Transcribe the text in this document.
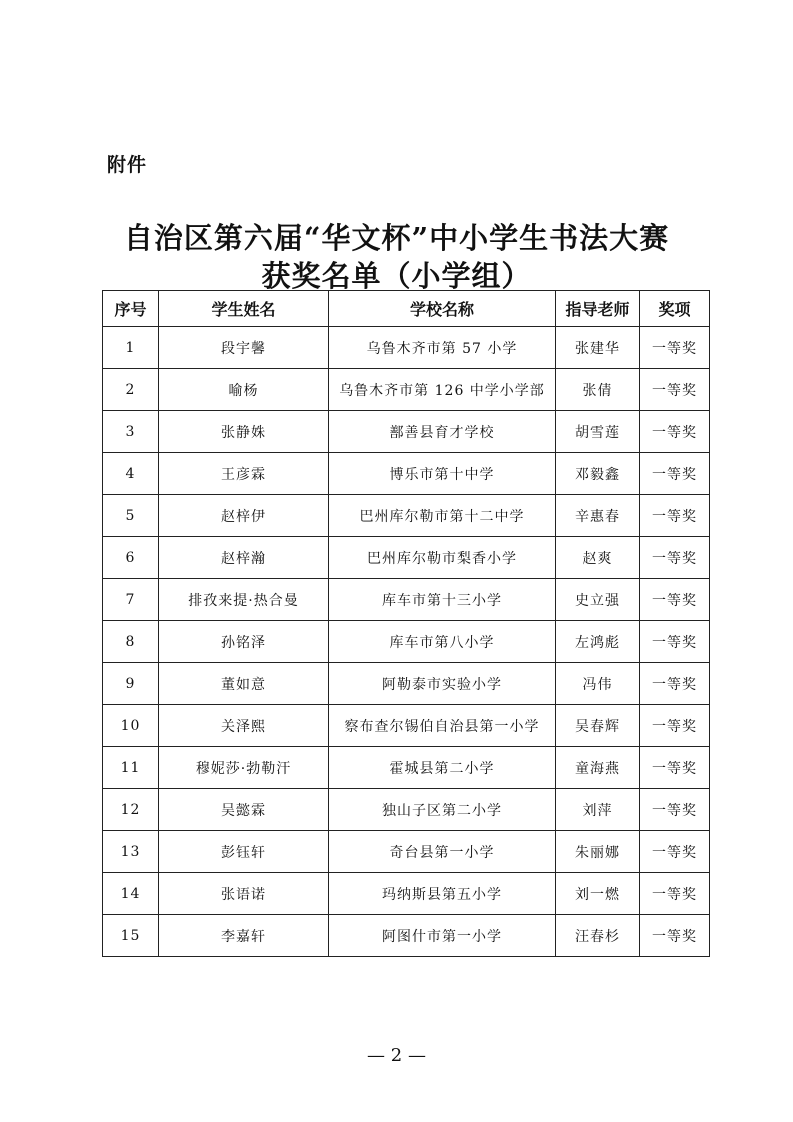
附件
自治区第六届“华文杯”中小学生书法大赛
获奖名单（小学组）
序号	学生姓名	学校名称	指导老师	奖项
1	段宇馨	乌鲁木齐市第 57 小学	张建华	一等奖
2	喻杨	乌鲁木齐市第 126 中学小学部	张倩	一等奖
3	张静姝	鄯善县育才学校	胡雪莲	一等奖
4	王彦霖	博乐市第十中学	邓毅鑫	一等奖
5	赵梓伊	巴州库尔勒市第十二中学	辛惠春	一等奖
6	赵梓瀚	巴州库尔勒市梨香小学	赵爽	一等奖
7	排孜来提·热合曼	库车市第十三小学	史立强	一等奖
8	孙铭泽	库车市第八小学	左鸿彪	一等奖
9	董如意	阿勒泰市实验小学	冯伟	一等奖
10	关泽熙	察布查尔锡伯自治县第一小学	吴春辉	一等奖
11	穆妮莎·勃勒汗	霍城县第二小学	童海燕	一等奖
12	吴懿霖	独山子区第二小学	刘萍	一等奖
13	彭钰轩	奇台县第一小学	朱丽娜	一等奖
14	张语诺	玛纳斯县第五小学	刘一燃	一等奖
15	李嘉轩	阿图什市第一小学	汪春杉	一等奖
— 2 —
